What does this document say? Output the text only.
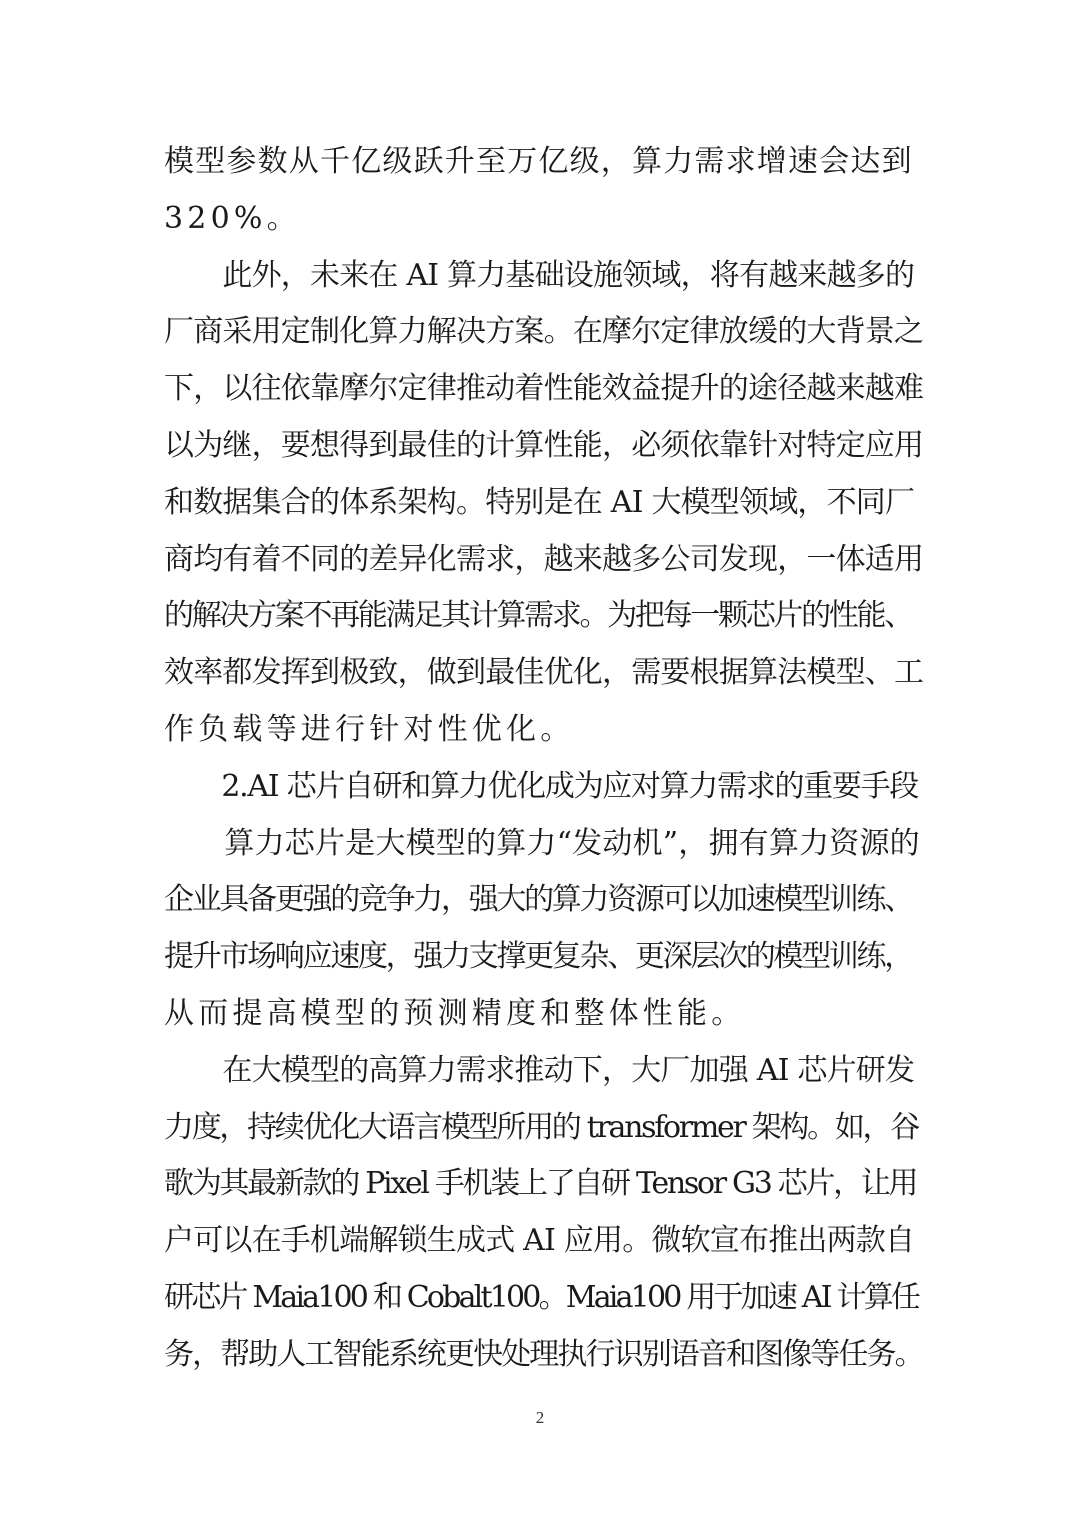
模型参数从千亿级跃升至万亿级，算力需求增速会达到
320%。
　　此外，未来在 AI 算力基础设施领域，将有越来越多的
厂商采用定制化算力解决方案。在摩尔定律放缓的大背景之
下，以往依靠摩尔定律推动着性能效益提升的途径越来越难
以为继，要想得到最佳的计算性能，必须依靠针对特定应用
和数据集合的体系架构。特别是在 AI 大模型领域，不同厂
商均有着不同的差异化需求，越来越多公司发现，一体适用
的解决方案不再能满足其计算需求。为把每一颗芯片的性能、
效率都发挥到极致，做到最佳优化，需要根据算法模型、工
作负载等进行针对性优化。
　　2.AI 芯片自研和算力优化成为应对算力需求的重要手段
　　算力芯片是大模型的算力“发动机”，拥有算力资源的
企业具备更强的竞争力，强大的算力资源可以加速模型训练、
提升市场响应速度，强力支撑更复杂、更深层次的模型训练，
从而提高模型的预测精度和整体性能。
　　在大模型的高算力需求推动下，大厂加强 AI 芯片研发
力度，持续优化大语言模型所用的 transformer 架构。如，谷
歌为其最新款的 Pixel 手机装上了自研 Tensor G3 芯片，让用
户可以在手机端解锁生成式 AI 应用。微软宣布推出两款自
研芯片 Maia100 和 Cobalt100。Maia100 用于加速 AI 计算任
务，帮助人工智能系统更快处理执行识别语音和图像等任务。
2
